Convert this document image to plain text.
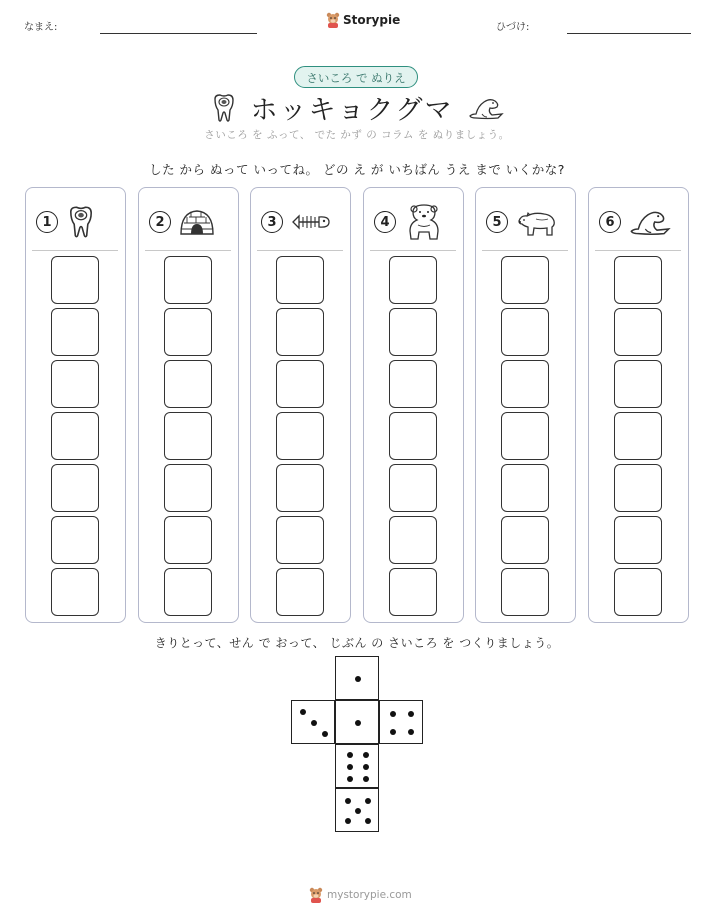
なまえ:
Storypie
ひづけ:
さいころ で ぬりえ
ホッキョクグマ
さいころ を ふって、 でた かず の コラム を ぬりましょう。
した から ぬって いってね。 どの え が いちばん うえ まで いくかな?
1	2	3	4	5	6
きりとって、せん で おって、 じぶん の さいころ を つくりましょう。
mystorypie.com
